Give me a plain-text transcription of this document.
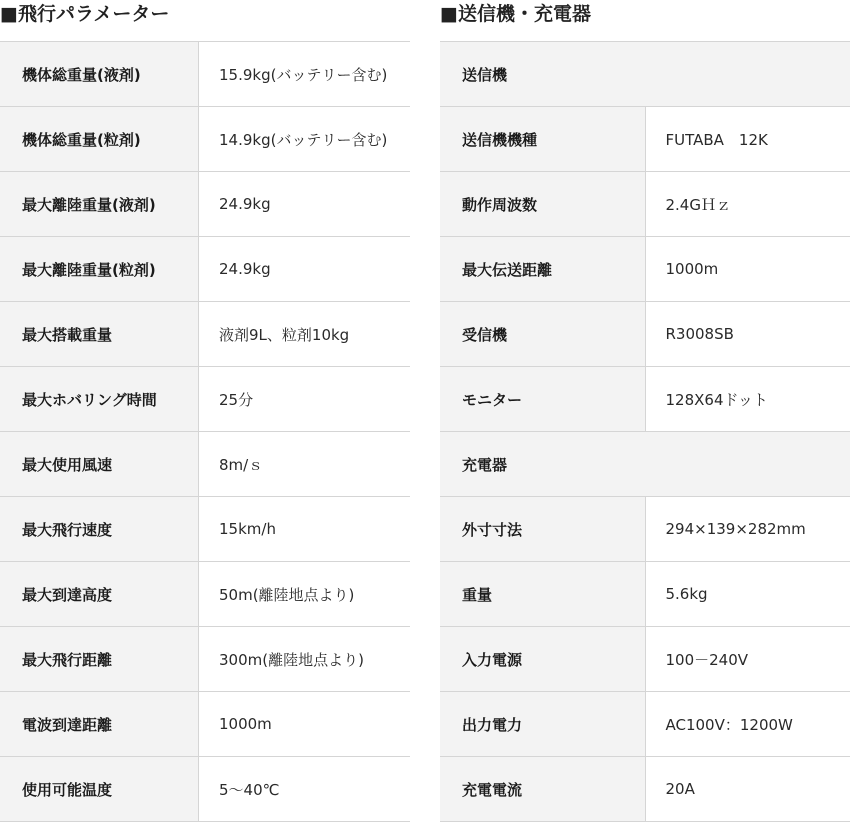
■飛行パラメーター
機体総重量(液剤)	15.9kg(バッテリー含む)
機体総重量(粒剤)	14.9kg(バッテリー含む)
最大離陸重量(液剤)	24.9kg
最大離陸重量(粒剤)	24.9kg
最大搭載重量	液剤9L、粒剤10kg
最大ホバリング時間	25分
最大使用風速	8m/ｓ
最大飛行速度	15km/h
最大到達高度	50m(離陸地点より)
最大飛行距離	300m(離陸地点より)
電波到達距離	1000m
使用可能温度	5～40℃
■送信機・充電器
送信機	
送信機機種	FUTABA　12K
動作周波数	2.4GＨｚ
最大伝送距離	1000m
受信機	R3008SB
モニター	128X64ドット
充電器	
外寸寸法	294×139×282mm
重量	5.6kg
入力電源	100－240V
出力電力	AC100V：1200W
充電電流	20A
